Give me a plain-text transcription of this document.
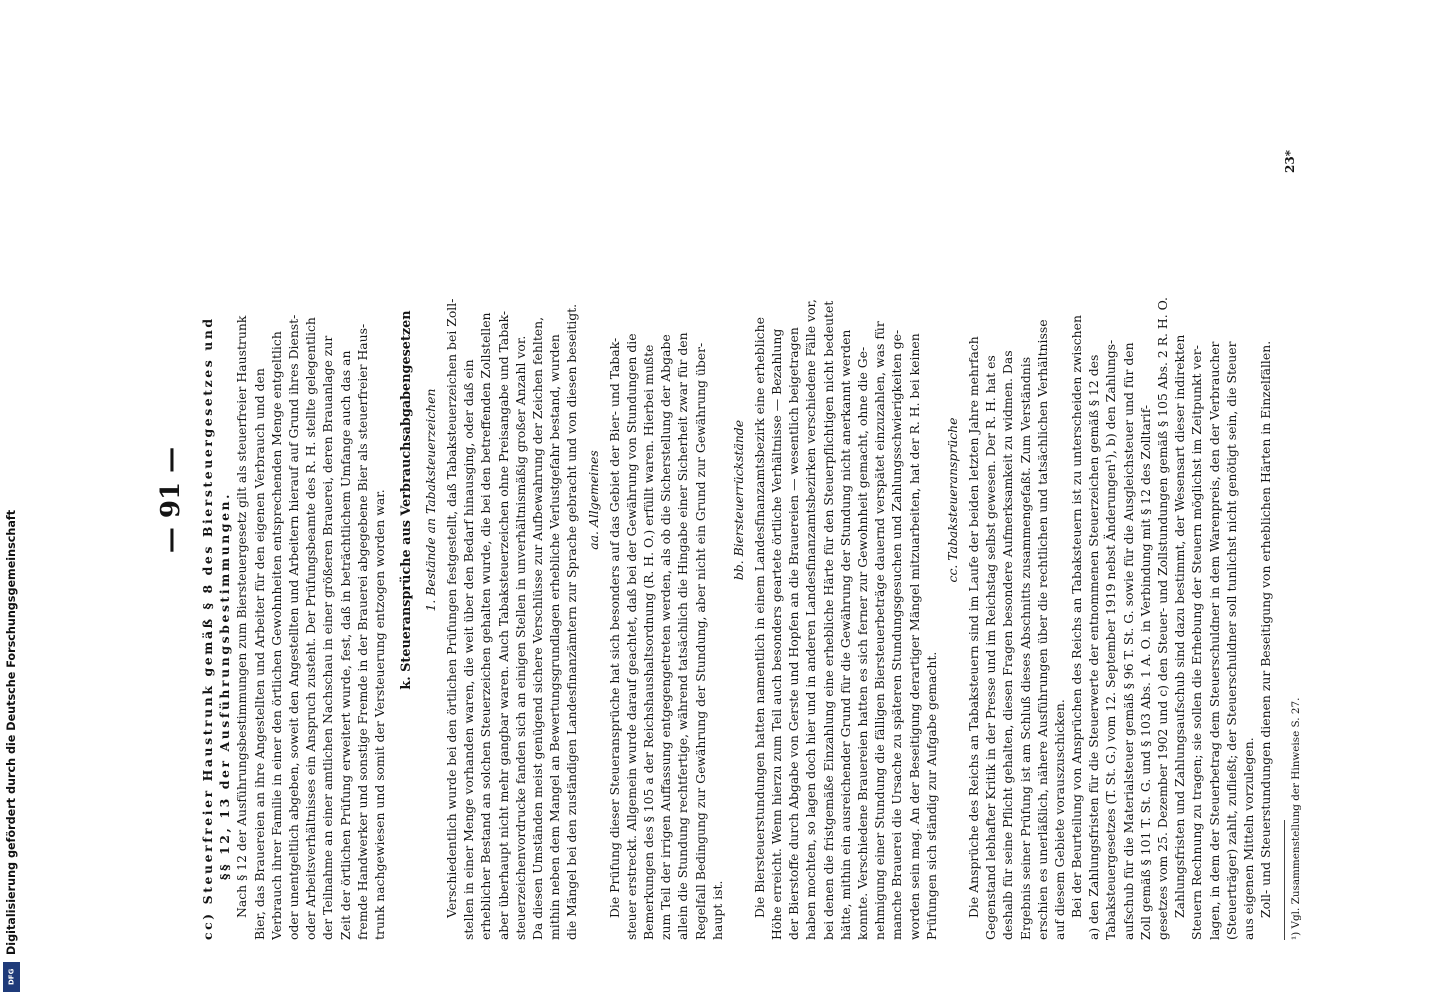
Digitalisierung gefördert durch die Deutsche Forschungsgemeinschaft
DFG
— 91 —	cc) Steuerfreier Haustrunk gemäß § 8 des Biersteuergesetzes und §§ 12, 13 der Ausführungsbestimmungen. Nach § 12 der Ausführungsbestimmungen zum Biersteuergesetz gilt als steuerfreier Haustrunk Bier, das Brauereien an ihre Angestellten und Arbeiter für den eigenen Verbrauch und den Verbrauch ihrer Familie in einer den örtlichen Gewohnheiten entsprechenden Menge entgeltlich oder unentgeltlich abgeben, soweit den Angestellten und Arbeitern hierauf auf Grund ihres Dienst- oder Arbeitsverhältnisses ein Anspruch zusteht. Der Prüfungsbeamte des R. H. stellte gelegentlich der Teilnahme an einer amtlichen Nachschau in einer größeren Brauerei, deren Brauanlage zur Zeit der örtlichen Prüfung erweitert wurde, fest, daß in beträchtlichem Umfange auch das an fremde Handwerker und sonstige Fremde in der Brauerei abgegebene Bier als steuerfreier Haus- trunk nachgewiesen und somit der Versteuerung entzogen worden war. k. Steueransprüche aus Verbrauchsabgabengesetzen 1. Bestände an Tabaksteuerzeichen Verschiedentlich wurde bei den örtlichen Prüfungen festgestellt, daß Tabaksteuerzeichen bei Zoll- stellen in einer Menge vorhanden waren, die weit über den Bedarf hinausging, oder daß ein erheblicher Bestand an solchen Steuerzeichen gehalten wurde, die bei den betreffenden Zollstellen aber überhaupt nicht mehr gangbar waren. Auch Tabaksteuerzeichen ohne Preisangabe und Tabak- steuerzeichenvordrucke fanden sich an einigen Stellen in unverhältnismäßig großer Anzahl vor. Da diesen Umständen meist genügend sichere Verschlüsse zur Aufbewahrung der Zeichen fehlten, mithin neben dem Mangel an Bewertungsgrundlagen erhebliche Verlustgefahr bestand, wurden die Mängel bei den zuständigen Landesfinanzämtern zur Sprache gebracht und von diesen beseitigt. aa. Allgemeines Die Prüfung dieser Steueransprüche hat sich besonders auf das Gebiet der Bier- und Tabak- steuer erstreckt. Allgemein wurde darauf geachtet, daß bei der Gewährung von Stundungen die Bemerkungen des § 105 a der Reichshaushaltsordnung (R. H. O.) erfüllt waren. Hierbei mußte zum Teil der irrigen Auffassung entgegengetreten werden, als ob die Sicherstellung der Abgabe allein die Stundung rechtfertige, während tatsächlich die Hingabe einer Sicherheit zwar für den Regelfall Bedingung zur Gewährung der Stundung, aber nicht ein Grund zur Gewährung über- haupt ist.
bb. Biersteuerrückstände Die Biersteuerstundungen hatten namentlich in einem Landesfinanzamtsbezirk eine erhebliche Höhe erreicht. Wenn hierzu zum Teil auch besonders geartete örtliche Verhältnisse — Bezahlung der Bierstoffe durch Abgabe von Gerste und Hopfen an die Brauereien — wesentlich beigetragen haben mochten, so lagen doch hier und in anderen Landesfinanzamtsbezirken verschiedene Fälle vor, bei denen die fristgemäße Einzahlung eine erhebliche Härte für den Steuerpflichtigen nicht bedeutet hätte, mithin ein ausreichender Grund für die Gewährung der Stundung nicht anerkannt werden konnte. Verschiedene Brauereien hatten es sich ferner zur Gewohnheit gemacht, ohne die Ge- nehmigung einer Stundung die fälligen Biersteuerbeträge dauernd verspätet einzuzahlen, was für manche Brauerei die Ursache zu späteren Stundungsgesuchen und Zahlungsschwierigkeiten ge- worden sein mag. An der Beseitigung derartiger Mängel mitzuarbeiten, hat der R. H. bei keinen Prüfungen sich ständig zur Aufgabe gemacht.
cc. Tabaksteueransprüche Die Ansprüche des Reichs an Tabaksteuern sind im Laufe der beiden letzten Jahre mehrfach Gegenstand lebhafter Kritik in der Presse und im Reichstag selbst gewesen. Der R. H. hat es deshalb für seine Pflicht gehalten, diesen Fragen besondere Aufmerksamkeit zu widmen. Das Ergebnis seiner Prüfung ist am Schluß dieses Abschnitts zusammengefaßt. Zum Verständnis erschien es unerläßlich, nähere Ausführungen über die rechtlichen und tatsächlichen Verhältnisse auf diesem Gebiete vorauszuschicken. Bei der Beurteilung von Ansprüchen des Reichs an Tabaksteuern ist zu unterscheiden zwischen a) den Zahlungsfristen für die Steuerwerte der entnommenen Steuerzeichen gemäß § 12 des Tabaksteuergesetzes (T. St. G.) vom 12. September 1919 nebst Änderungen¹), b) den Zahlungs- aufschub für die Materialsteuer gemäß § 96 T. St. G. sowie für die Ausgleichsteuer und für den Zoll gemäß § 101 T. St. G. und § 103 Abs. 1 A. O. in Verbindung mit § 12 des Zolltarif- gesetzes vom 25. Dezember 1902 und c) den Steuer- und Zollstundungen gemäß § 105 Abs. 2 R. H. O. Zahlungsfristen und Zahlungsaufschub sind dazu bestimmt, der Wesensart dieser indirekten Steuern Rechnung zu tragen; sie sollen die Erhebung der Steuern möglichst im Zeitpunkt ver- lagen, in dem der Steuerbetrag dem Steuerschuldner in dem Warenpreis, den der Verbraucher (Steuerträger) zahlt, zufließt; der Steuerschuldner soll tunlichst nicht genötigt sein, die Steuer aus eigenen Mitteln vorzulegen. Zoll- und Steuerstundungen dienen zur Beseitigung von erheblichen Härten in Einzelfällen. ¹) Vgl. Zusammenstellung der Hinweise S. 27.
23*
